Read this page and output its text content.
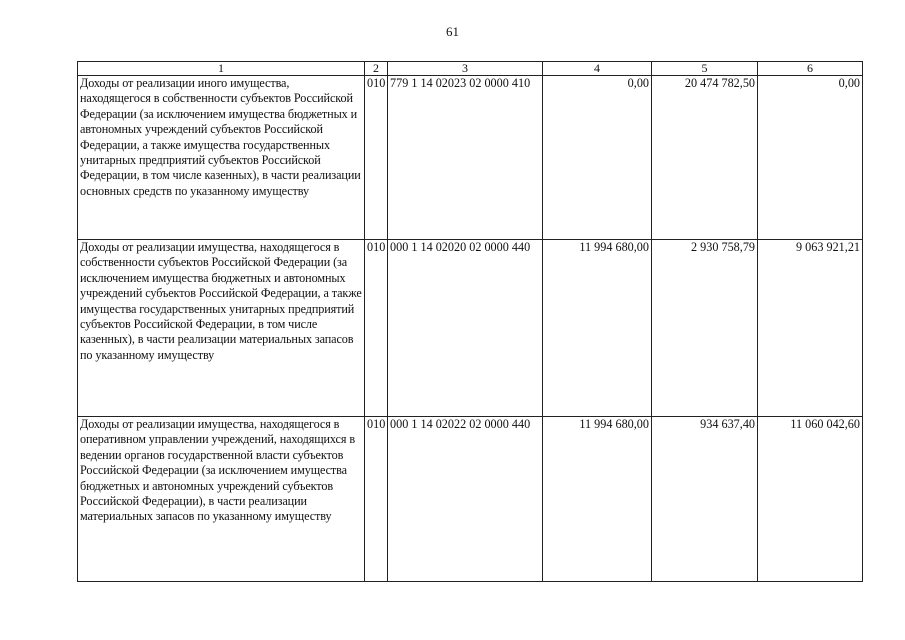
61
1	2	3	4	5	6
Доходы от реализации иного имущества, находящегося в собственности субъектов Российской Федерации (за исключением имущества бюджетных и автономных учреждений субъектов Российской Федерации, а также имущества государственных унитарных предприятий субъектов Российской Федерации, в том числе казенных), в части реализации основных средств по указанному имуществу	010	779 1 14 02023 02 0000 410	0,00	20 474 782,50	0,00
Доходы от реализации имущества, находящегося в собственности субъектов Российской Федерации (за исключением имущества бюджетных и автономных учреждений субъектов Российской Федерации, а также имущества государственных унитарных предприятий субъектов Российской Федерации, в том числе казенных), в части реализации материальных запасов по указанному имуществу	010	000 1 14 02020 02 0000 440	11 994 680,00	2 930 758,79	9 063 921,21
Доходы от реализации имущества, находящегося в оперативном управлении учреждений, находящихся в ведении органов государственной власти субъектов Российской Федерации (за исключением имущества бюджетных и автономных учреждений субъектов Российской Федерации), в части реализации материальных запасов по указанному имуществу	010	000 1 14 02022 02 0000 440	11 994 680,00	934 637,40	11 060 042,60
